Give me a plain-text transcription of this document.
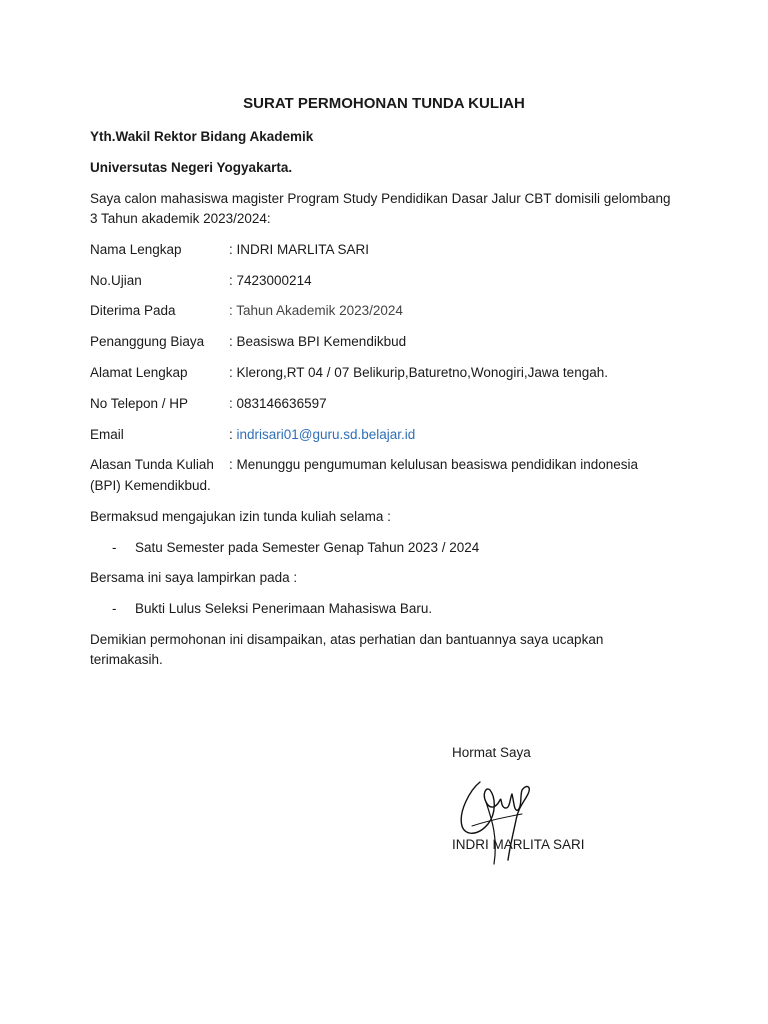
SURAT PERMOHONAN TUNDA KULIAH
Yth.Wakil Rektor Bidang Akademik
Universutas Negeri Yogyakarta.
Saya calon mahasiswa magister Program Study Pendidikan Dasar Jalur CBT domisili gelombang 3 Tahun akademik 2023/2024:
Nama Lengkap	: INDRI MARLITA SARI
No.Ujian	: 7423000214
Diterima Pada	: Tahun Akademik 2023/2024
Penanggung Biaya : Beasiswa BPI Kemendikbud
Alamat Lengkap	: Klerong,RT 04 / 07 Belikurip,Baturetno,Wonogiri,Jawa tengah.
No Telepon / HP	: 083146636597
Email	: indrisari01@guru.sd.belajar.id
Alasan Tunda Kuliah : Menunggu pengumuman kelulusan beasiswa pendidikan indonesia
(BPI) Kemendikbud.
Bermaksud mengajukan izin tunda kuliah selama :
- Satu Semester pada Semester Genap Tahun 2023 / 2024
Bersama ini saya lampirkan pada :
- Bukti Lulus Seleksi Penerimaan Mahasiswa Baru.
Demikian permohonan ini disampaikan, atas perhatian dan bantuannya saya ucapkan terimakasih.
Hormat Saya
INDRI MARLITA SARI
